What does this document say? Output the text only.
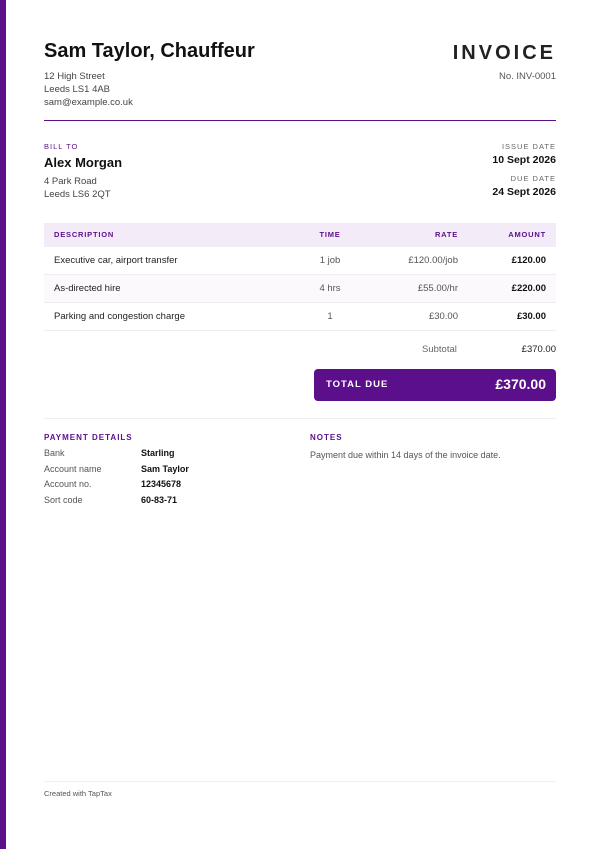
Sam Taylor, Chauffeur
12 High Street
Leeds LS1 4AB
sam@example.co.uk
INVOICE
No. INV-0001
BILL TO
Alex Morgan
4 Park Road
Leeds LS6 2QT
ISSUE DATE
10 Sept 2026
DUE DATE
24 Sept 2026
DESCRIPTION	TIME	RATE	AMOUNT
Executive car, airport transfer	1 job	£120.00/job	£120.00
As-directed hire	4 hrs	£55.00/hr	£220.00
Parking and congestion charge	1	£30.00	£30.00
Subtotal	£370.00
TOTAL DUE	£370.00
PAYMENT DETAILS
Bank	Starling
Account name	Sam Taylor
Account no.	12345678
Sort code	60-83-71
NOTES
Payment due within 14 days of the invoice date.
Created with TapTax
